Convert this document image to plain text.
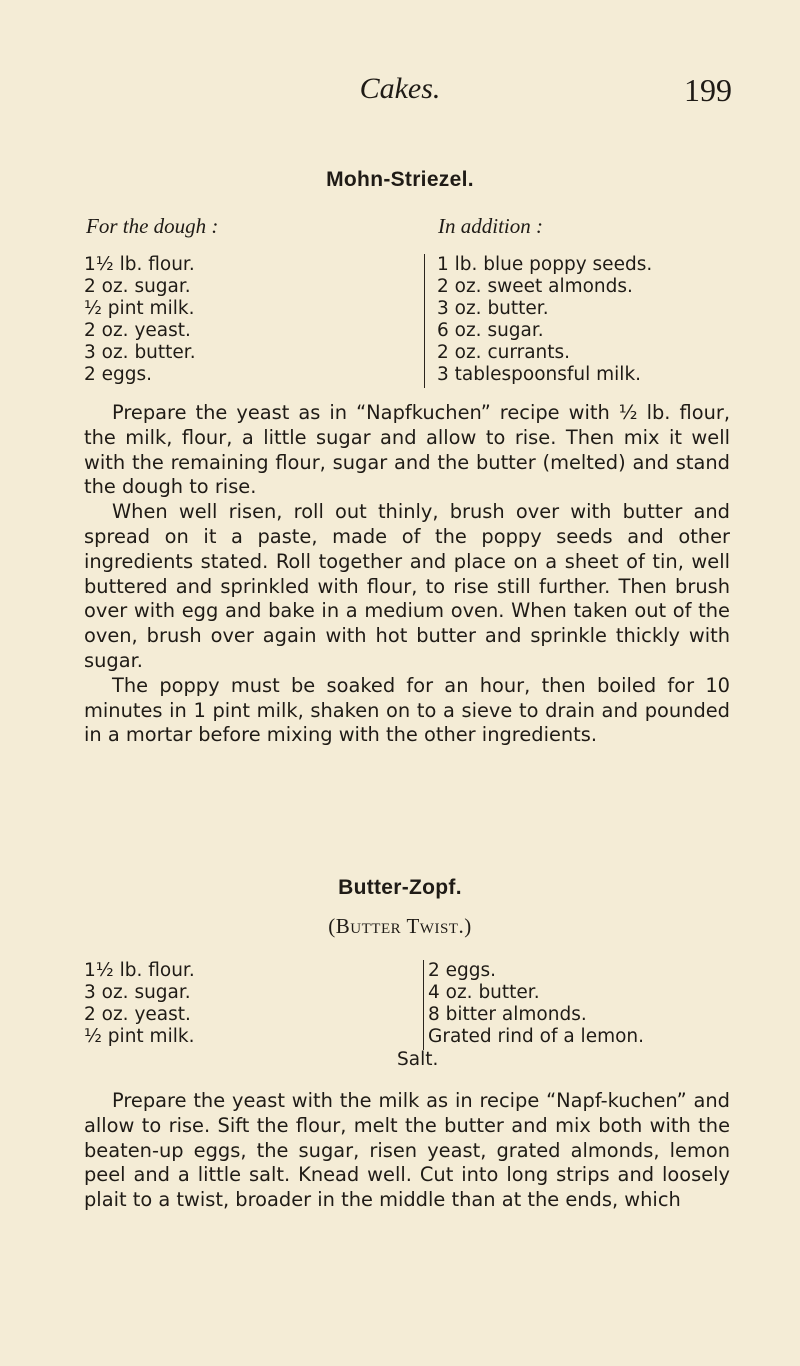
Cakes.	199
Mohn-Striezel.
For the dough :	In addition :
1½ lb. flour.
2 oz. sugar.
½ pint milk.
2 oz. yeast.
3 oz. butter.
2 eggs.
1 lb. blue poppy seeds.
2 oz. sweet almonds.
3 oz. butter.
6 oz. sugar.
2 oz. currants.
3 tablespoonsful milk.

Prepare the yeast as in “Napfkuchen” recipe with ½ lb. flour, the milk, flour, a little sugar and allow to rise. Then mix it well with the remaining flour, sugar and the butter (melted) and stand the dough to rise.

When well risen, roll out thinly, brush over with butter and spread on it a paste, made of the poppy seeds and other ingredients stated. Roll together and place on a sheet of tin, well buttered and sprinkled with flour, to rise still further. Then brush over with egg and bake in a medium oven. When taken out of the oven, brush over again with hot butter and sprinkle thickly with sugar.

The poppy must be soaked for an hour, then boiled for 10 minutes in 1 pint milk, shaken on to a sieve to drain and pounded in a mortar before mixing with the other ingredients.

Butter-Zopf.
(Butter Twist.)
1½ lb. flour.
3 oz. sugar.
2 oz. yeast.
½ pint milk.
2 eggs.
4 oz. butter.
8 bitter almonds.
Grated rind of a lemon.
Salt.

Prepare the yeast with the milk as in recipe “Napf-kuchen” and allow to rise. Sift the flour, melt the butter and mix both with the beaten-up eggs, the sugar, risen yeast, grated almonds, lemon peel and a little salt. Knead well. Cut into long strips and loosely plait to a twist, broader in the middle than at the ends, which
